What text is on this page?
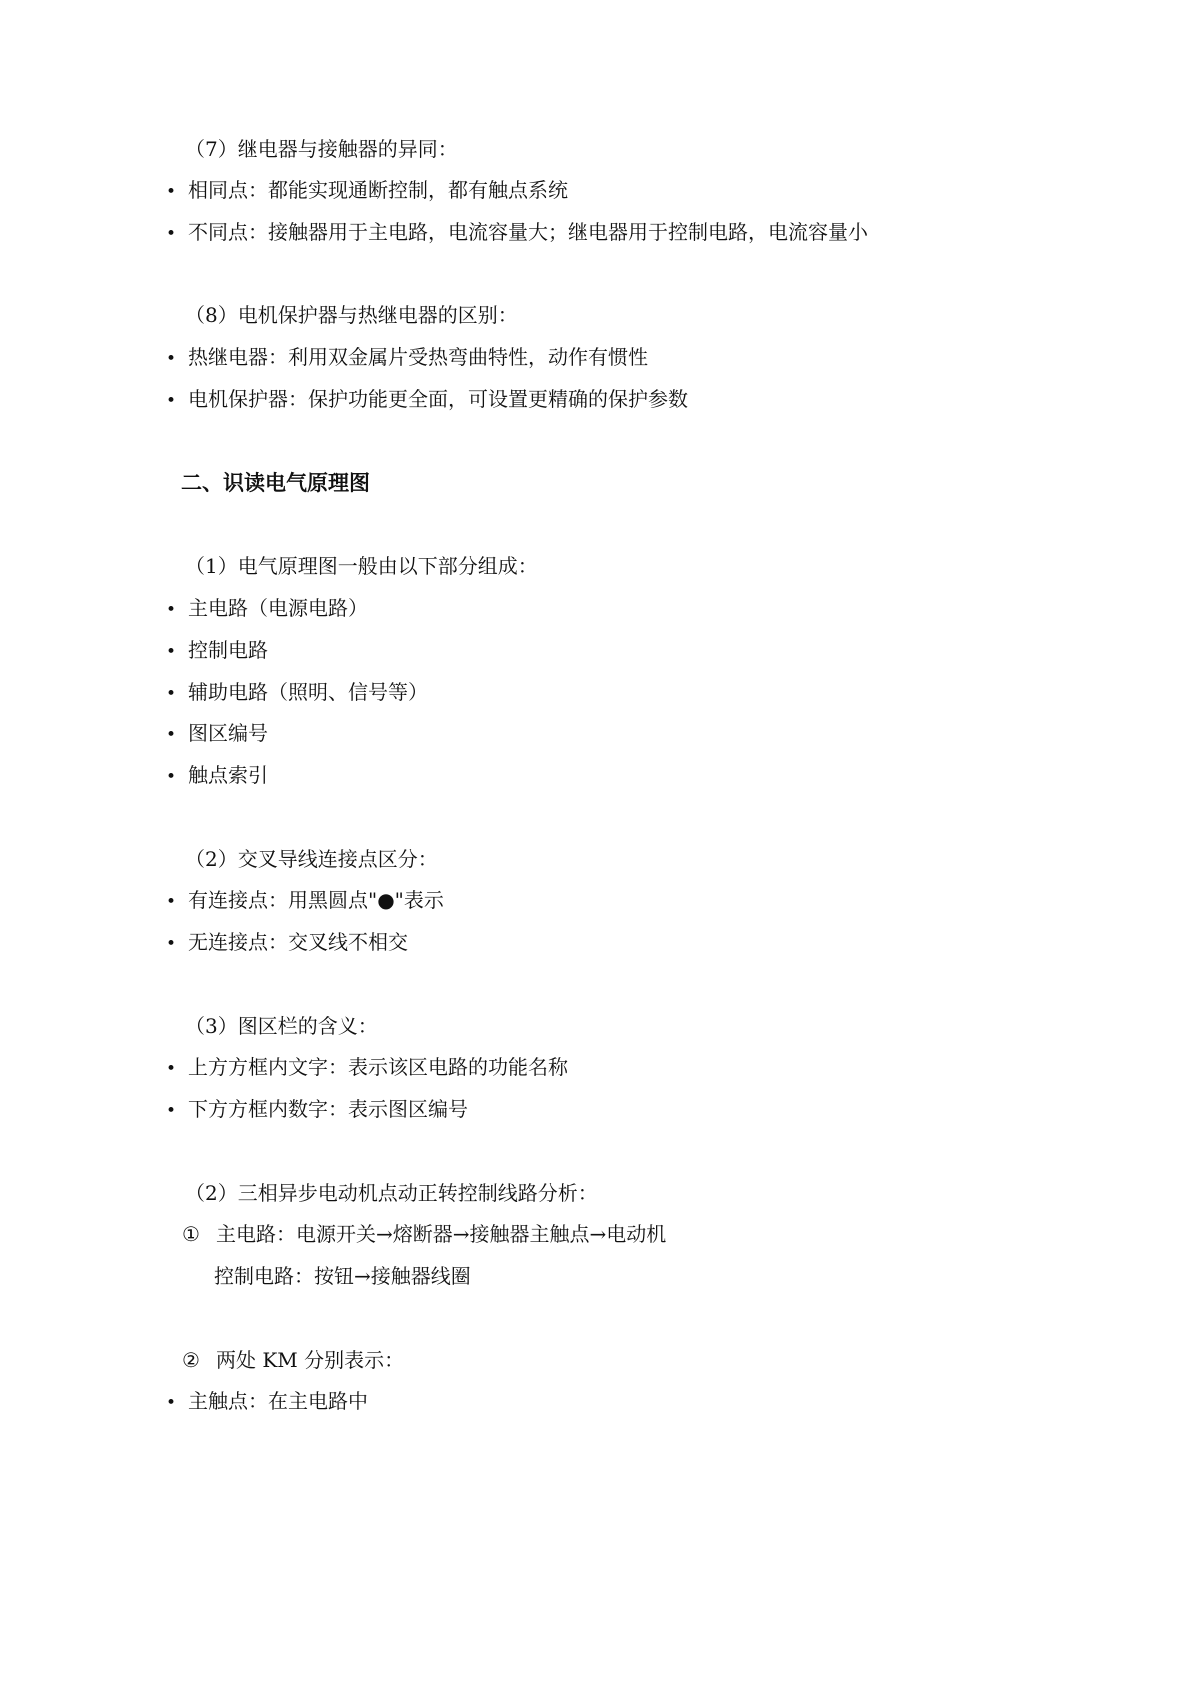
（7）继电器与接触器的异同：
• 相同点：都能实现通断控制，都有触点系统
• 不同点：接触器用于主电路，电流容量大；继电器用于控制电路，电流容量小
（8）电机保护器与热继电器的区别：
• 热继电器：利用双金属片受热弯曲特性，动作有惯性
• 电机保护器：保护功能更全面，可设置更精确的保护参数
二、识读电气原理图
（1）电气原理图一般由以下部分组成：
• 主电路（电源电路）
• 控制电路
• 辅助电路（照明、信号等）
• 图区编号
• 触点索引
（2）交叉导线连接点区分：
• 有连接点：用黑圆点"●"表示
• 无连接点：交叉线不相交
（3）图区栏的含义：
• 上方方框内文字：表示该区电路的功能名称
• 下方方框内数字：表示图区编号
（2）三相异步电动机点动正转控制线路分析：
① 主电路：电源开关→熔断器→接触器主触点→电动机
控制电路：按钮→接触器线圈
② 两处 KM 分别表示：
• 主触点：在主电路中
